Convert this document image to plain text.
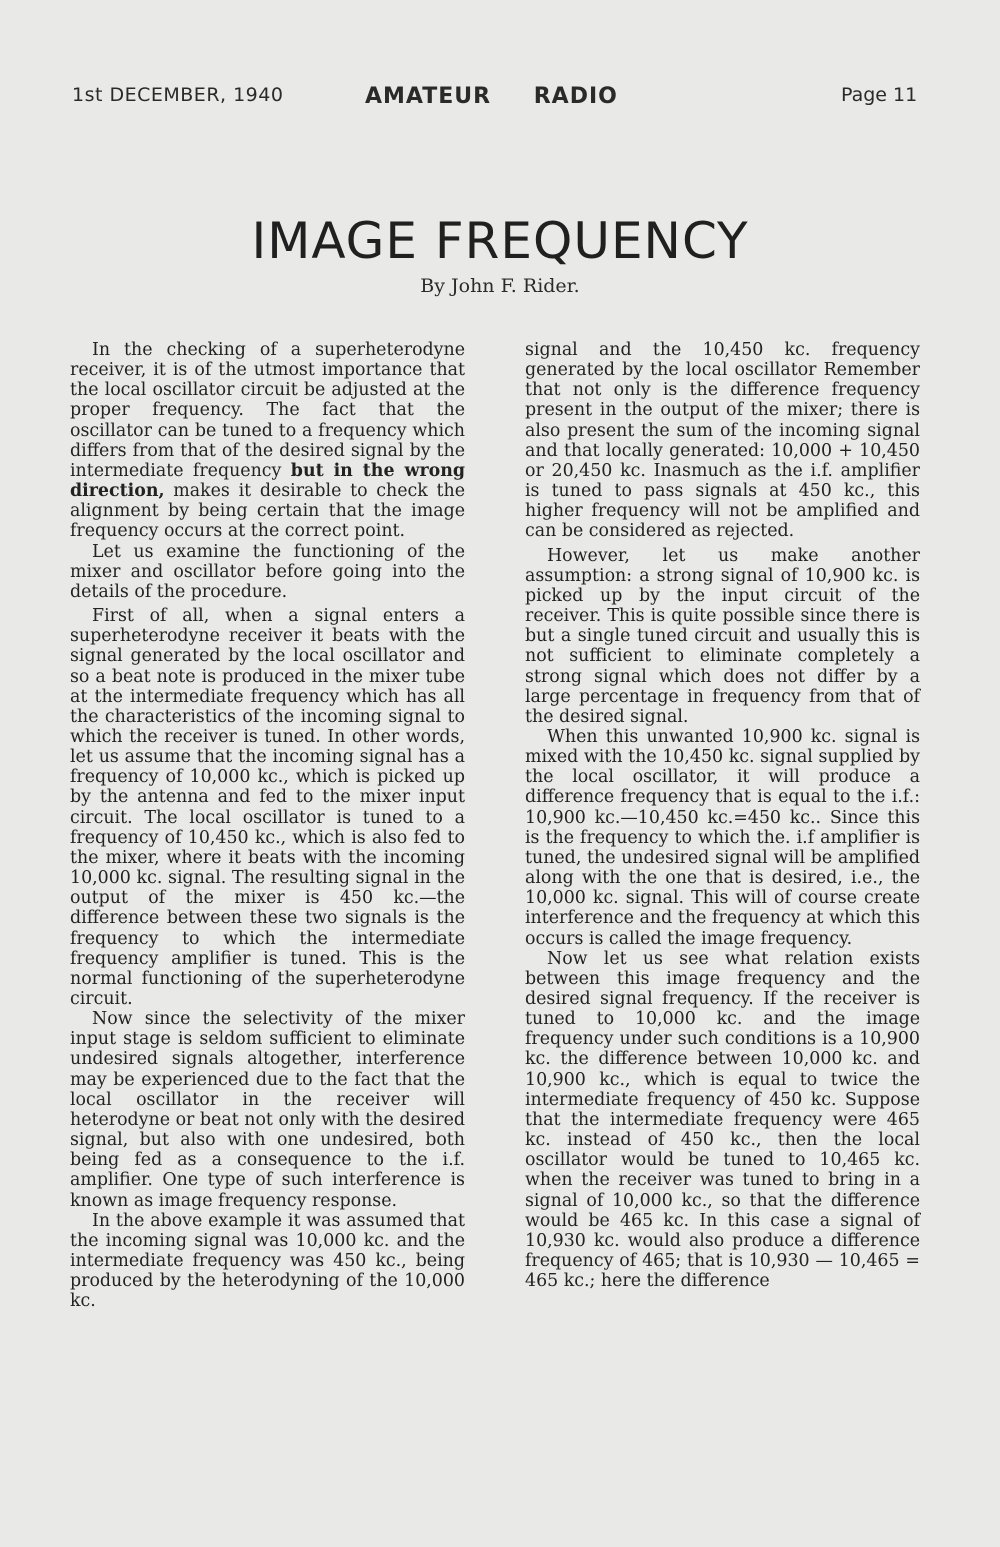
1st DECEMBER, 1940	AMATEUR RADIO	Page 11
IMAGE FREQUENCY
By John F. Rider.

In the checking of a superheterodyne receiver, it is of the utmost importance that the local oscillator circuit be adjusted at the proper frequency. The fact that the oscillator can be tuned to a frequency which differs from that of the desired signal by the intermediate frequency but in the wrong direction, makes it desirable to check the alignment by being certain that the image frequency occurs at the correct point.

Let us examine the functioning of the mixer and oscillator before going into the details of the procedure.

First of all, when a signal enters a superheterodyne receiver it beats with the signal generated by the local oscillator and so a beat note is produced in the mixer tube at the intermediate frequency which has all the characteristics of the incoming signal to which the receiver is tuned. In other words, let us assume that the incoming signal has a frequency of 10,000 kc., which is picked up by the antenna and fed to the mixer input circuit. The local oscillator is tuned to a frequency of 10,450 kc., which is also fed to the mixer, where it beats with the incoming 10,000 kc. signal. The resulting signal in the output of the mixer is 450 kc.—the difference between these two signals is the frequency to which the intermediate frequency amplifier is tuned. This is the normal functioning of the superheterodyne circuit.

Now since the selectivity of the mixer input stage is seldom sufficient to eliminate undesired signals altogether, interference may be experienced due to the fact that the local oscillator in the receiver will heterodyne or beat not only with the desired signal, but also with one undesired, both being fed as a consequence to the i.f. amplifier. One type of such interference is known as image frequency response.

In the above example it was assumed that the incoming signal was 10,000 kc. and the intermediate frequency was 450 kc., being produced by the heterodyning of the 10,000 kc.

signal and the 10,450 kc. frequency generated by the local oscillator Remember that not only is the difference frequency present in the output of the mixer; there is also present the sum of the incoming signal and that locally generated: 10,000 + 10,450 or 20,450 kc. Inasmuch as the i.f. amplifier is tuned to pass signals at 450 kc., this higher frequency will not be amplified and can be considered as rejected.

However, let us make another assumption: a strong signal of 10,900 kc. is picked up by the input circuit of the receiver. This is quite possible since there is but a single tuned circuit and usually this is not sufficient to eliminate completely a strong signal which does not differ by a large percentage in frequency from that of the desired signal.

When this unwanted 10,900 kc. signal is mixed with the 10,450 kc. signal supplied by the local oscillator, it will produce a difference frequency that is equal to the i.f.: 10,900 kc.—10,450 kc.=450 kc.. Since this is the frequency to which the. i.f amplifier is tuned, the undesired signal will be amplified along with the one that is desired, i.e., the 10,000 kc. signal. This will of course create interference and the frequency at which this occurs is called the image frequency.

Now let us see what relation exists between this image frequency and the desired signal frequency. If the receiver is tuned to 10,000 kc. and the image frequency under such conditions is a 10,900 kc. the difference between 10,000 kc. and 10,900 kc., which is equal to twice the intermediate frequency of 450 kc. Suppose that the intermediate frequency were 465 kc. instead of 450 kc., then the local oscillator would be tuned to 10,465 kc. when the receiver was tuned to bring in a signal of 10,000 kc., so that the difference would be 465 kc. In this case a signal of 10,930 kc. would also produce a difference frequency of 465; that is 10,930 — 10,465 = 465 kc.; here the difference
